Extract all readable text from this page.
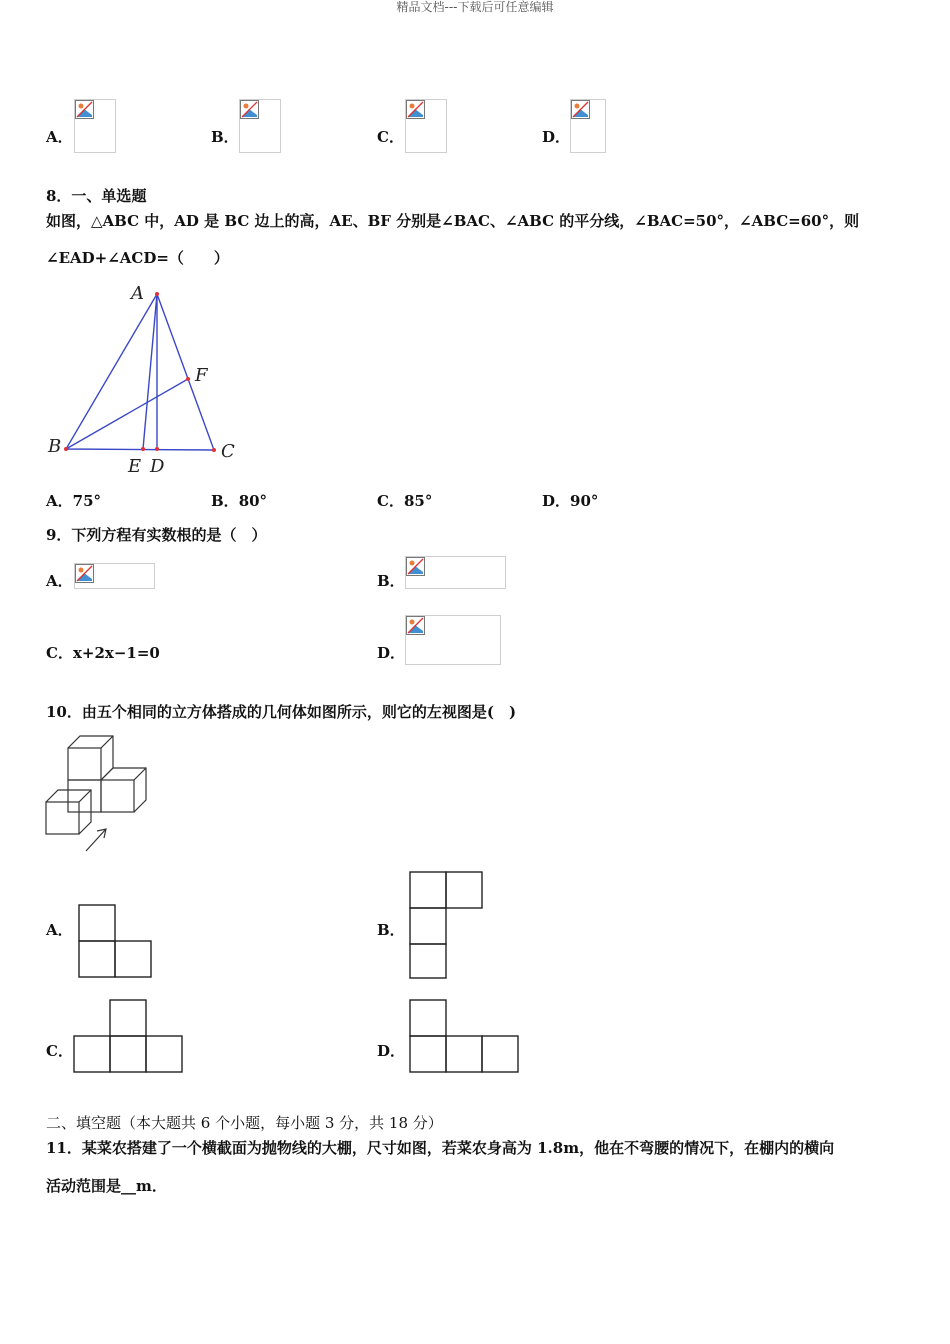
精品文档---下载后可任意编辑
A．	B．	C．	D．
8．一、单选题
如图，△ABC 中，AD 是 BC 边上的高，AE、BF 分别是∠BAC、∠ABC 的平分线，∠BAC=50°，∠ABC=60°，则
∠EAD+∠ACD=（　　）
A
B	C
D
E
F
A．75°	B．80°	C．85°	D．90°
9．下列方程有实数根的是（　）
A．	B．
C．x+2x−1=0	D．
10．由五个相同的立方体搭成的几何体如图所示，则它的左视图是(　)
A．	B．
C．	D．
二、填空题（本大题共 6 个小题，每小题 3 分，共 18 分）
11．某菜农搭建了一个横截面为抛物线的大棚，尺寸如图，若菜农身高为 1.8m，他在不弯腰的情况下，在棚内的横向
活动范围是__m．
